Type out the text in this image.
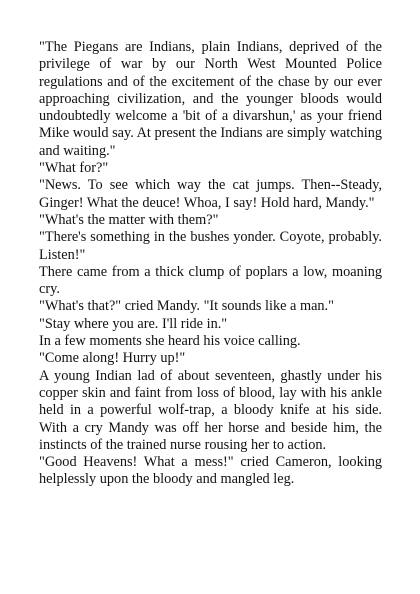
"The Piegans are Indians, plain Indians, deprived of the privilege of war by our North West Mounted Police regulations and of the excitement of the chase by our ever approaching civilization, and the younger bloods would undoubtedly welcome a 'bit of a divarshun,' as your friend Mike would say. At present the Indians are simply watching and waiting."

"What for?"

"News. To see which way the cat jumps. Then--Steady, Ginger! What the deuce! Whoa, I say! Hold hard, Mandy."

"What's the matter with them?"

"There's something in the bushes yonder. Coyote, probably. Listen!"

There came from a thick clump of poplars a low, moaning cry.

"What's that?" cried Mandy. "It sounds like a man."

"Stay where you are. I'll ride in."

In a few moments she heard his voice calling.

"Come along! Hurry up!"

A young Indian lad of about seventeen, ghastly under his copper skin and faint from loss of blood, lay with his ankle held in a powerful wolf-trap, a bloody knife at his side. With a cry Mandy was off her horse and beside him, the instincts of the trained nurse rousing her to action.

"Good Heavens! What a mess!" cried Cameron, looking helplessly upon the bloody and mangled leg.
